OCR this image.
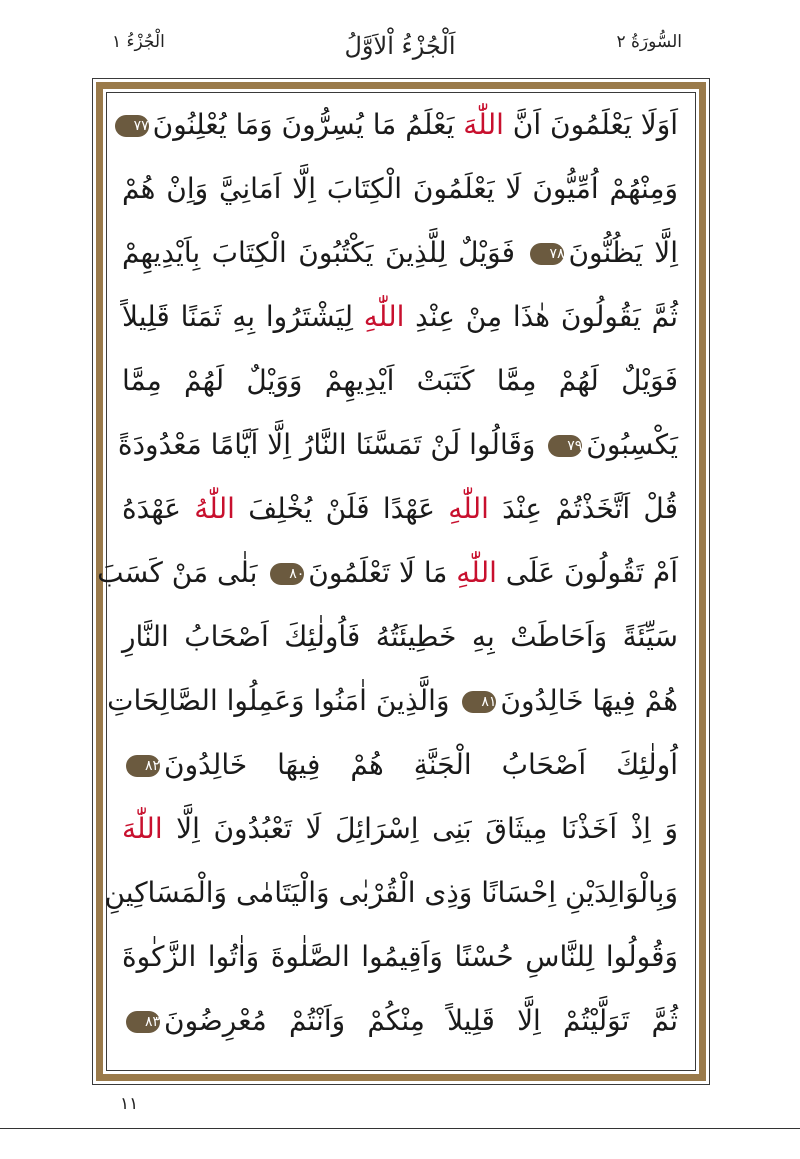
الْجُزْءُ ١	اَلْجُزْءُ اْلاَوَّلُ	السُّورَةُ ٢
اَوَلَا يَعْلَمُونَ اَنَّ اللّٰهَ يَعْلَمُ مَا يُسِرُّونَ وَمَا يُعْلِنُونَ٧٧
وَمِنْهُمْ اُمِّيُّونَ لَا يَعْلَمُونَ الْكِتَابَ اِلَّا اَمَانِيَّ وَاِنْ هُمْ
اِلَّا يَظُنُّونَ٧٨ فَوَيْلٌ لِلَّذِينَ يَكْتُبُونَ الْكِتَابَ بِاَيْدِيهِمْ
ثُمَّ يَقُولُونَ هٰذَا مِنْ عِنْدِ اللّٰهِ لِيَشْتَرُوا بِهِ ثَمَنًا قَلِيلاً
فَوَيْلٌ لَهُمْ مِمَّا كَتَبَتْ اَيْدِيهِمْ وَوَيْلٌ لَهُمْ مِمَّا
يَكْسِبُونَ٧٩ وَقَالُوا لَنْ تَمَسَّنَا النَّارُ اِلَّا اَيَّامًا مَعْدُودَةً
قُلْ اَتَّخَذْتُمْ عِنْدَ اللّٰهِ عَهْدًا فَلَنْ يُخْلِفَ اللّٰهُ عَهْدَهُ
اَمْ تَقُولُونَ عَلَى اللّٰهِ مَا لَا تَعْلَمُونَ٨٠ بَلٰى مَنْ كَسَبَ
سَيِّئَةً وَاَحَاطَتْ بِهِ خَطِيئَتُهُ فَاُولٰئِكَ اَصْحَابُ النَّارِ
هُمْ فِيهَا خَالِدُونَ٨١ وَالَّذِينَ اٰمَنُوا وَعَمِلُوا الصَّالِحَاتِ
اُولٰئِكَ اَصْحَابُ الْجَنَّةِ هُمْ فِيهَا خَالِدُونَ٨٢
وَ اِذْ اَخَذْنَا مِيثَاقَ بَنِى اِسْرَائِلَ لَا تَعْبُدُونَ اِلَّا اللّٰهَ
وَبِالْوَالِدَيْنِ اِحْسَانًا وَذِى الْقُرْبٰى وَالْيَتَامٰى وَالْمَسَاكِينِ
وَقُولُوا لِلنَّاسِ حُسْنًا وَاَقِيمُوا الصَّلٰوةَ وَاٰتُوا الزَّكٰوةَ
ثُمَّ تَوَلَّيْتُمْ اِلَّا قَلِيلاً مِنْكُمْ وَاَنْتُمْ مُعْرِضُونَ٨٣
١١
